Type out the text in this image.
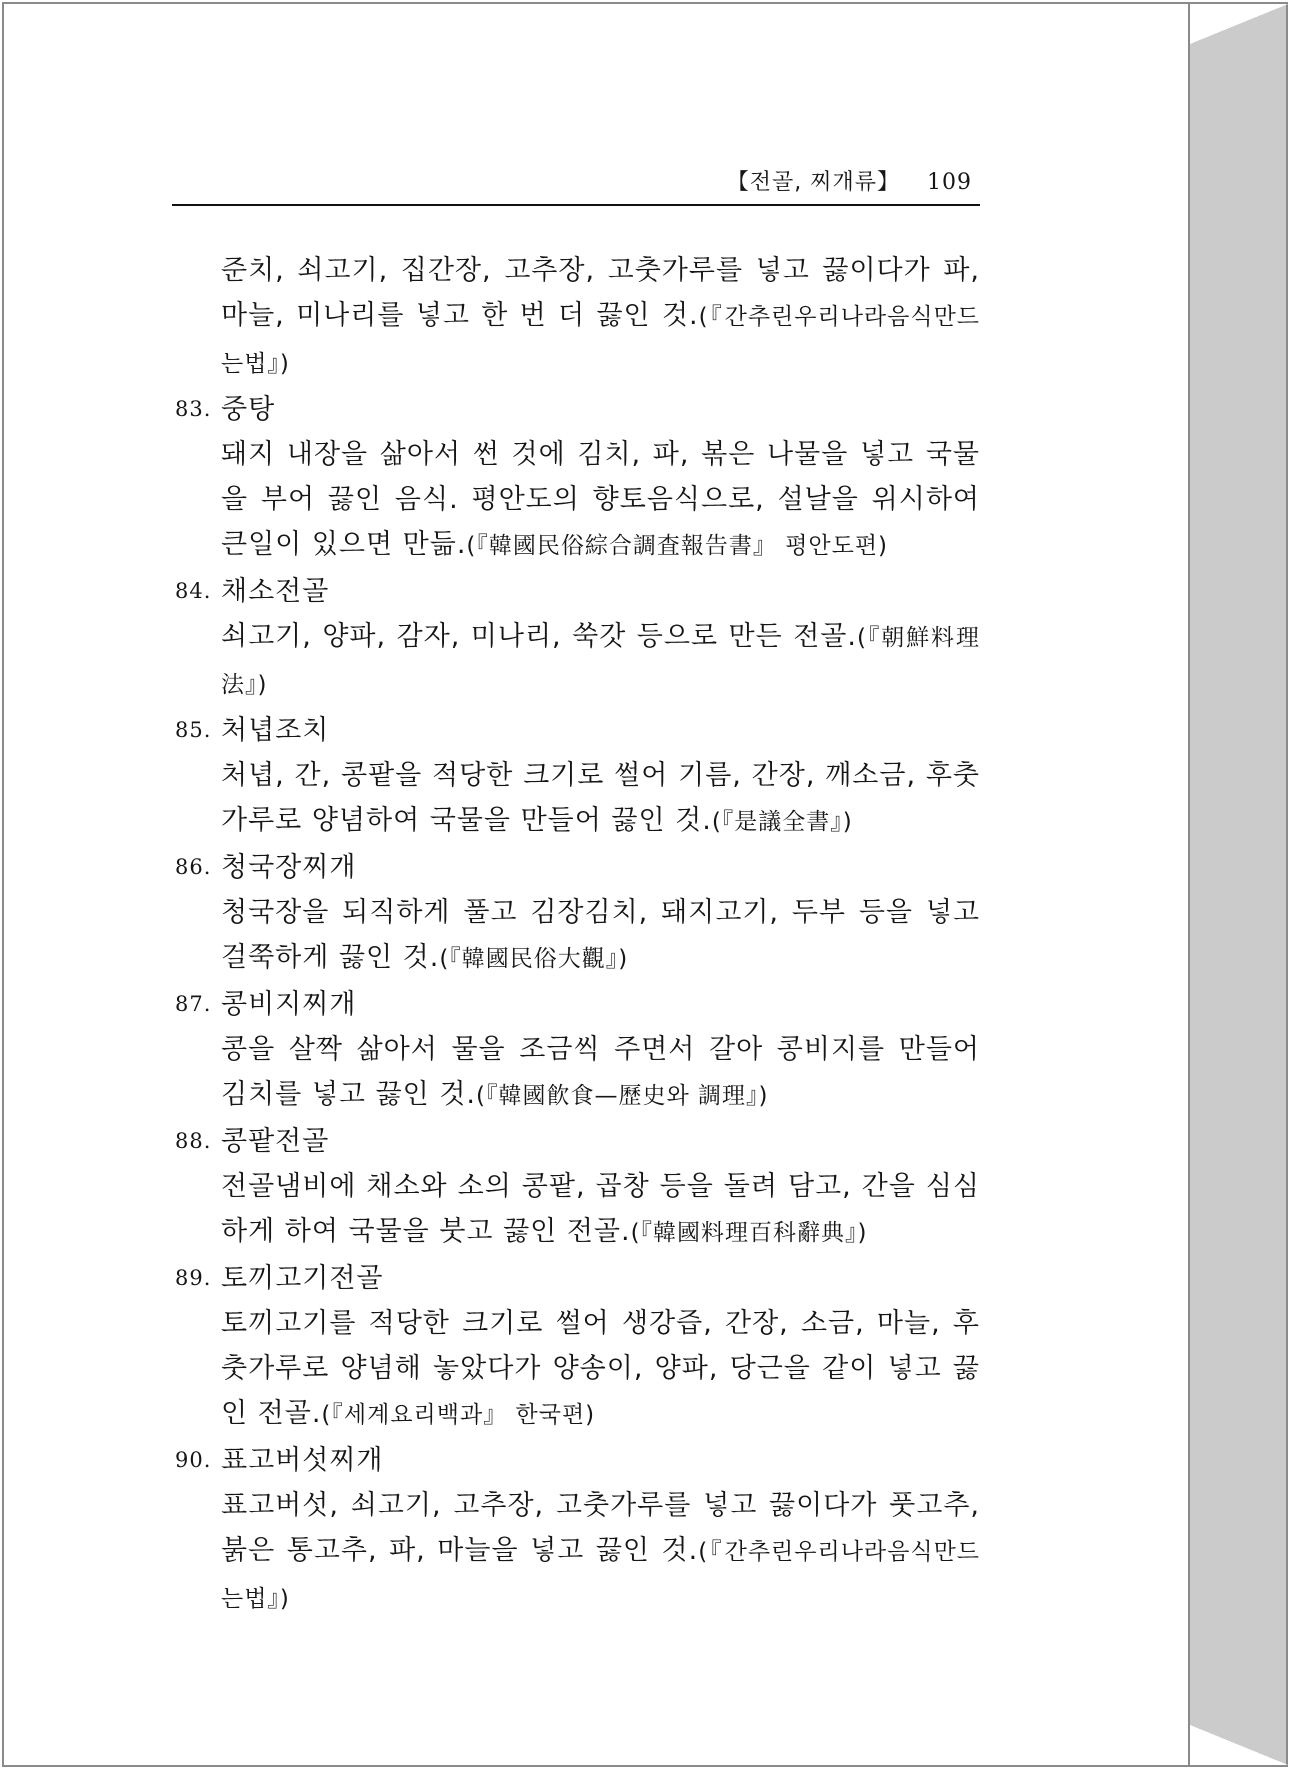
【전골, 찌개류】 109
준치, 쇠고기, 집간장, 고추장, 고춧가루를 넣고 끓이다가 파, 마늘, 미나리를 넣고 한 번 더 끓인 것.(『간추린우리나라음식만드는법』)
83. 중탕
돼지 내장을 삶아서 썬 것에 김치, 파, 볶은 나물을 넣고 국물을 부어 끓인 음식. 평안도의 향토음식으로, 설날을 위시하여 큰일이 있으면 만듦.(『韓國民俗綜合調査報告書』 평안도편)
84. 채소전골
쇠고기, 양파, 감자, 미나리, 쑥갓 등으로 만든 전골.(『朝鮮料理法』)
85. 처녑조치
처녑, 간, 콩팥을 적당한 크기로 썰어 기름, 간장, 깨소금, 후춧가루로 양념하여 국물을 만들어 끓인 것.(『是議全書』)
86. 청국장찌개
청국장을 되직하게 풀고 김장김치, 돼지고기, 두부 등을 넣고 걸쭉하게 끓인 것.(『韓國民俗大觀』)
87. 콩비지찌개
콩을 살짝 삶아서 물을 조금씩 주면서 갈아 콩비지를 만들어 김치를 넣고 끓인 것.(『韓國飮食—歷史와 調理』)
88. 콩팥전골
전골냄비에 채소와 소의 콩팥, 곱창 등을 돌려 담고, 간을 심심하게 하여 국물을 붓고 끓인 전골.(『韓國料理百科辭典』)
89. 토끼고기전골
토끼고기를 적당한 크기로 썰어 생강즙, 간장, 소금, 마늘, 후춧가루로 양념해 놓았다가 양송이, 양파, 당근을 같이 넣고 끓인 전골.(『세계요리백과』 한국편)
90. 표고버섯찌개
표고버섯, 쇠고기, 고추장, 고춧가루를 넣고 끓이다가 풋고추, 붉은 통고추, 파, 마늘을 넣고 끓인 것.(『간추린우리나라음식만드는법』)
